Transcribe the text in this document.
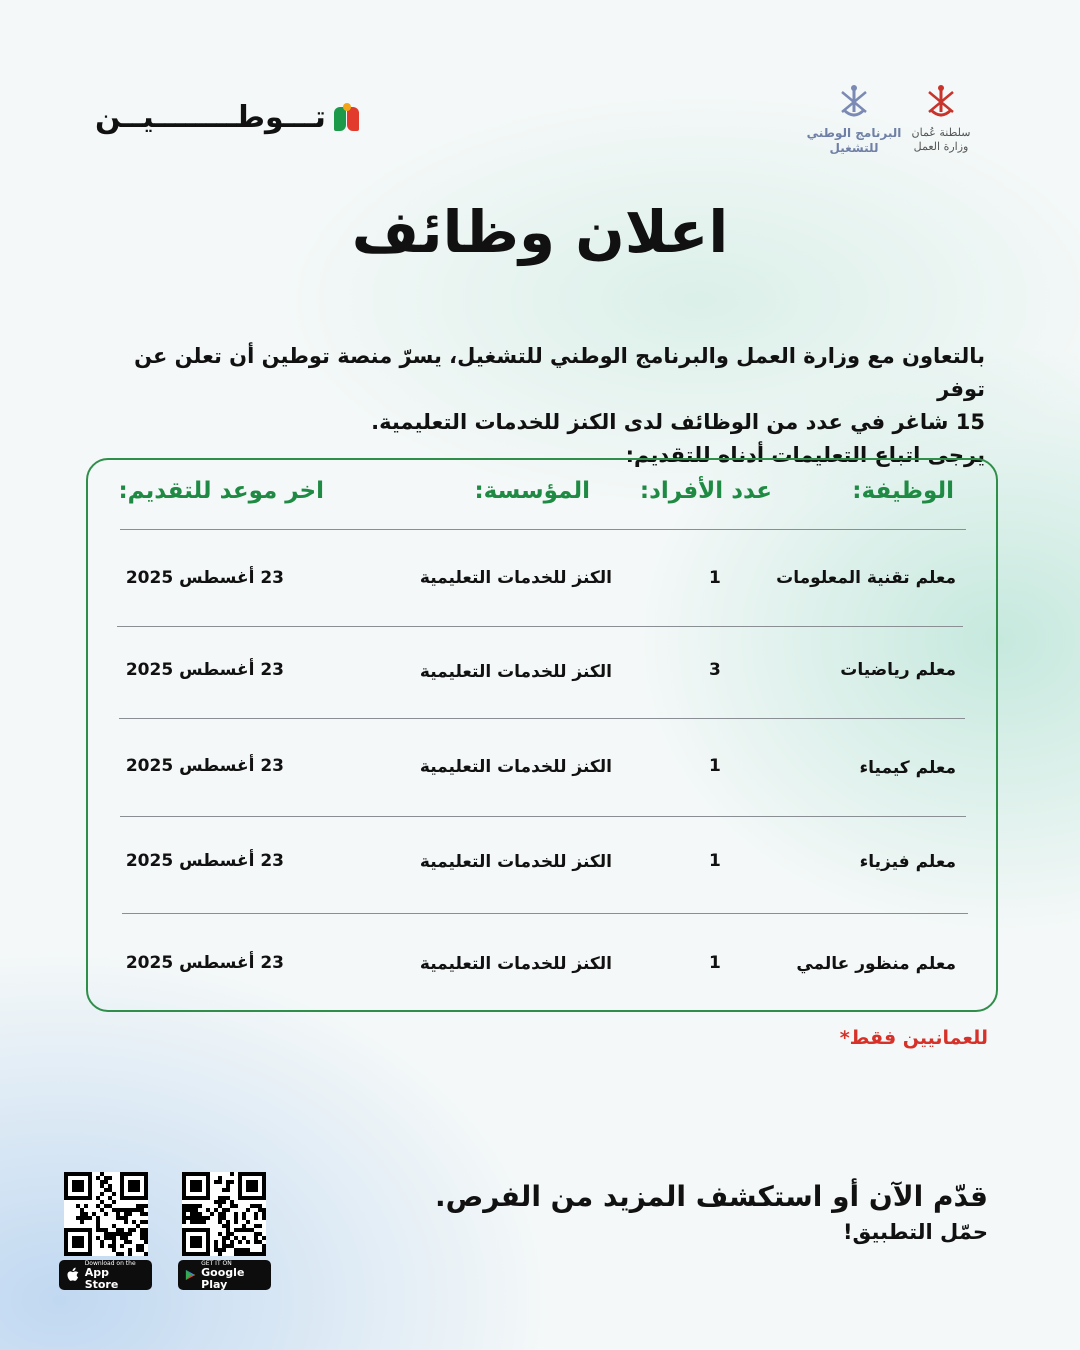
تـــوطــــــــيــن	البرنامج الوطني
للتشغيل
سلطنة عُمان
وزارة العمل
اعلان وظائف

بالتعاون مع وزارة العمل والبرنامج الوطني للتشغيل، يسرّ منصة توطين أن تعلن عن توفر

15 شاغر في عدد من الوظائف لدى الكنز للخدمات التعليمية.

يرجى اتباع التعليمات أدناه للتقديم:

الوظيفة:
عدد الأفراد:
المؤسسة:
اخر موعد للتقديم:
معلم تقنية المعلومات
1
الكنز للخدمات التعليمية
23 أغسطس 2025
معلم رياضيات
3
الكنز للخدمات التعليمية
23 أغسطس 2025
معلم كيمياء
1
الكنز للخدمات التعليمية
23 أغسطس 2025
معلم فيزياء
1
الكنز للخدمات التعليمية
23 أغسطس 2025
معلم منظور عالمي
1
الكنز للخدمات التعليمية
23 أغسطس 2025
للعمانيين فقط*
قدّم الآن أو استكشف المزيد من الفرص.
حمّل التطبيق!
Download on the
App Store
GET IT ON
Google Play
